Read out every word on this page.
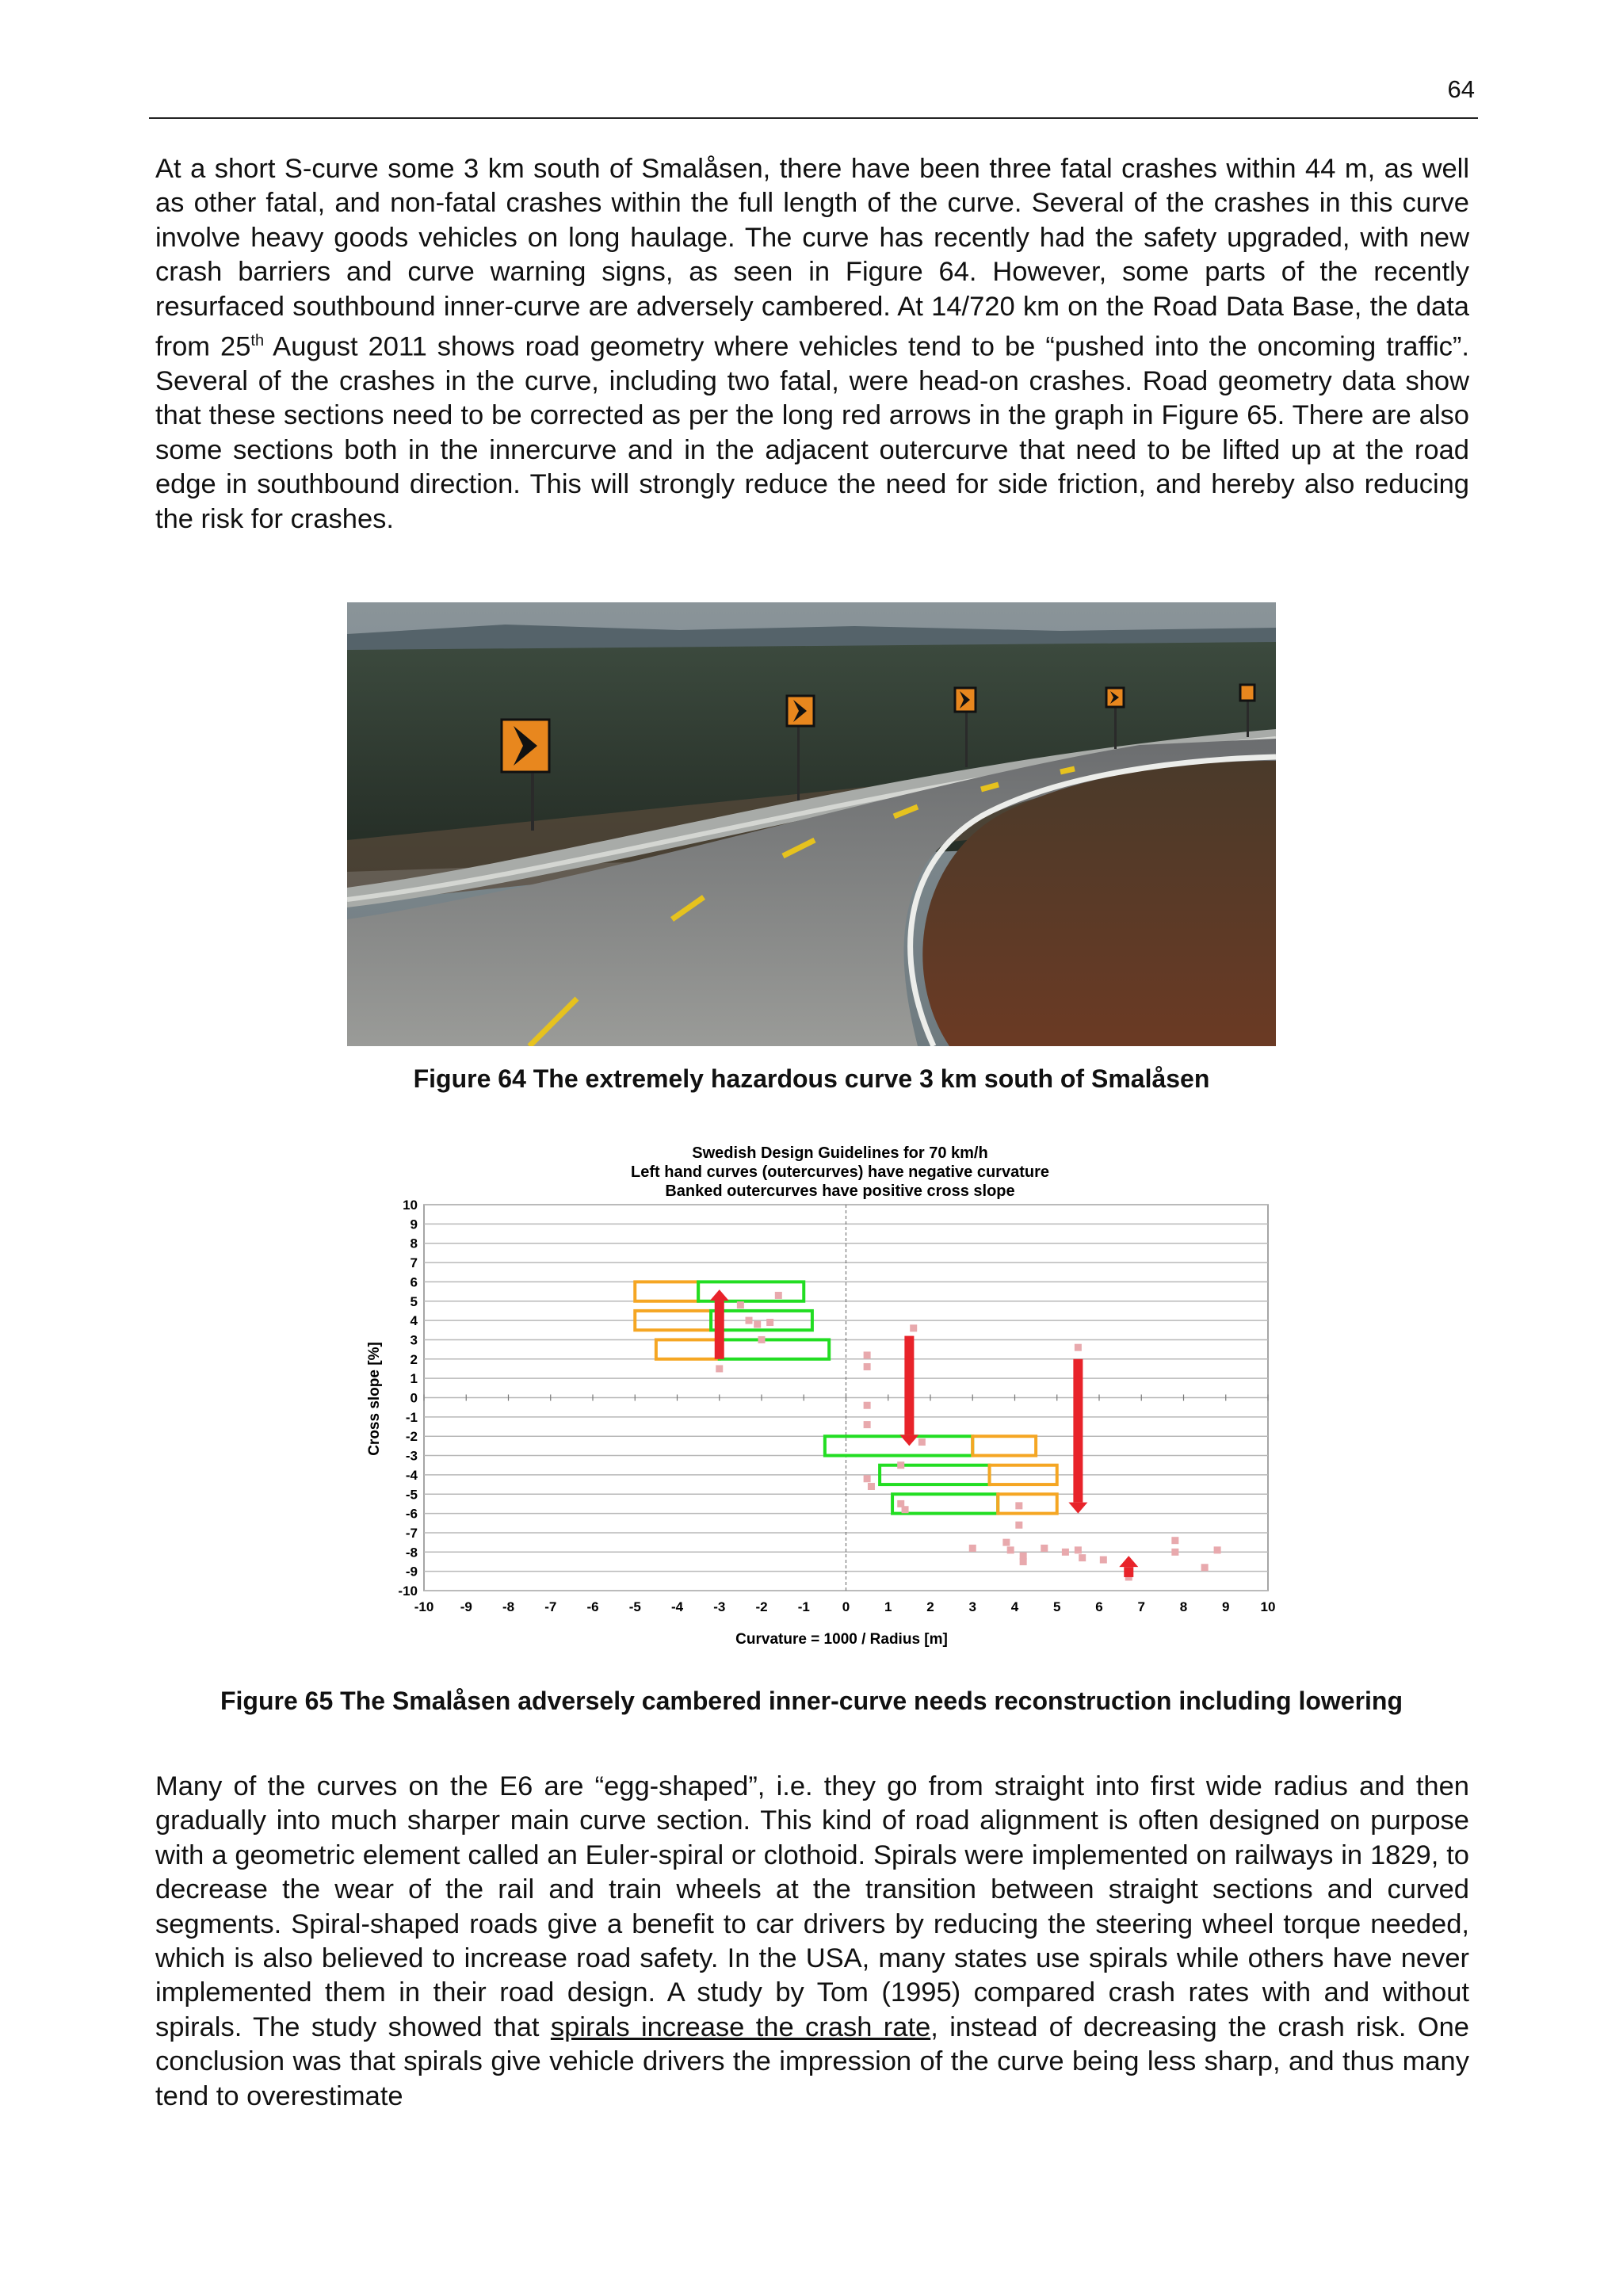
64

At a short S-curve some 3 km south of Smalåsen, there have been three fatal crashes within 44 m, as well as other fatal, and non-fatal crashes within the full length of the curve. Several of the crashes in this curve involve heavy goods vehicles on long haulage. The curve has recently had the safety upgraded, with new crash barriers and curve warning signs, as seen in Figure 64. However, some parts of the recently resurfaced southbound inner-curve are adversely cambered. At 14/720 km on the Road Data Base, the data from 25th August 2011 shows road geometry where vehicles tend to be “pushed into the oncoming traffic”. Several of the crashes in the curve, including two fatal, were head-on crashes. Road geometry data show that these sections need to be corrected as per the long red arrows in the graph in Figure 65. There are also some sections both in the innercurve and in the adjacent outercurve that need to be lifted up at the road edge in southbound direction. This will strongly reduce the need for side friction, and hereby also reducing the risk for crashes.

Figure 64 The extremely hazardous curve 3 km south of Smalåsen

Swedish Design Guidelines for 70 km/h
Left hand curves (outercurves) have negative curvature
Banked outercurves have positive cross slope
Curvature = 1000 / Radius [m]
Cross slope [%]
10
9
8
7
6
5
4
3
2
1
0
-1
-2
-3
-4
-5
-6
-7
-8
-9
-10
-10 -9 -8 -7 -6 -5 -4 -3 -2 -1 0	1	2	3	4	5	6	7	8	9 10

Figure 65 The Smalåsen adversely cambered inner-curve needs reconstruction including lowering

Many of the curves on the E6 are “egg-shaped”, i.e. they go from straight into first wide radius and then gradually into much sharper main curve section. This kind of road alignment is often designed on purpose with a geometric element called an Euler-spiral or clothoid. Spirals were implemented on railways in 1829, to decrease the wear of the rail and train wheels at the transition between straight sections and curved segments. Spiral-shaped roads give a benefit to car drivers by reducing the steering wheel torque needed, which is also believed to increase road safety. In the USA, many states use spirals while others have never implemented them in their road design. A study by Tom (1995) compared crash rates with and without spirals. The study showed that spirals increase the crash rate, instead of decreasing the crash risk. One conclusion was that spirals give vehicle drivers the impression of the curve being less sharp, and thus many tend to overestimate
